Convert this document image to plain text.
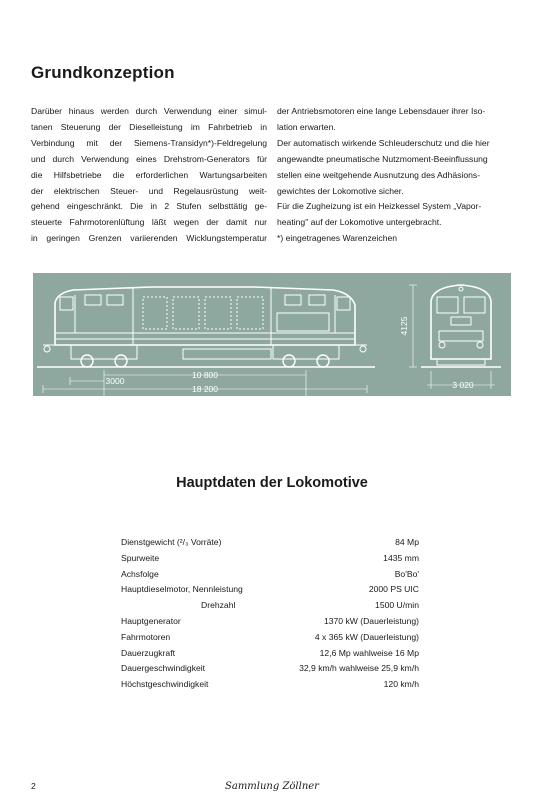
Grundkonzeption
Darüber hinaus werden durch Verwendung einer simul-
tanen Steuerung der Dieselleistung im Fahrbetrieb in
Verbindung mit der Siemens-Transidyn*)-Feldregelung
und durch Verwendung eines Drehstrom-Generators für
die Hilfsbetriebe die erforderlichen Wartungsarbeiten
der elektrischen Steuer- und Regelausrüstung weit-
gehend eingeschränkt. Die in 2 Stufen selbsttätig ge-
steuerte Fahrmotorenlüftung läßt wegen der damit nur
in geringen Grenzen variierenden Wicklungstemperatur
der Antriebsmotoren eine lange Lebensdauer ihrer Iso-
lation erwarten.
Der automatisch wirkende Schleuderschutz und die hier
angewandte pneumatische Nutzmoment-Beeinflussung
stellen eine weitgehende Ausnutzung des Adhäsions-
gewichtes der Lokomotive sicher.
Für die Zugheizung ist ein Heizkessel System „Vapor-
heating" auf der Lokomotive untergebracht.
*) eingetragenes Warenzeichen
3000
10 800
18 200
4125
3 020
Hauptdaten der Lokomotive
Dienstgewicht (²/₃ Vorräte)	84 Mp
Spurweite	1435 mm
Achsfolge	Bo'Bo'
Hauptdieselmotor, Nennleistung	2000 PS UIC
Drehzahl	1500 U/min
Hauptgenerator	1370 kW (Dauerleistung)
Fahrmotoren	4 x 365 kW (Dauerleistung)
Dauerzugkraft	12,6 Mp wahlweise 16 Mp
Dauergeschwindigkeit	32,9 km/h wahlweise 25,9 km/h
Höchstgeschwindigkeit	120 km/h
2	Sammlung Zöllner
